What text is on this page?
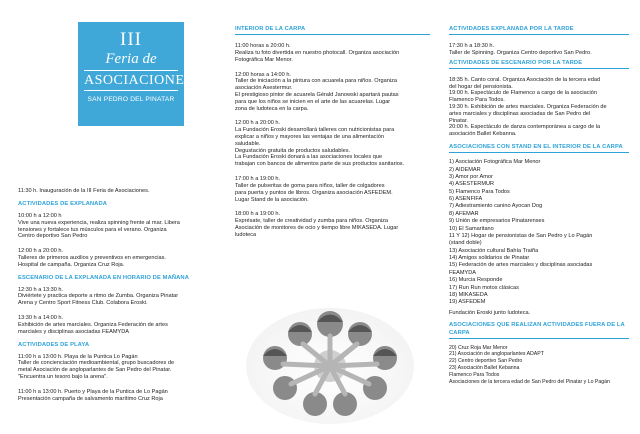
III
Feria de
ASOCIACIONES
SAN PEDRO DEL PINATAR

11:30 h. Inauguración de la III Feria de Asociaciones.

ACTIVIDADES DE EXPLANADA

10:00 h a 12:00 h
Vive una nueva experiencia, realiza spinning frente al mar. Libera
tensiones y fortalece tus músculos para el verano. Organiza
Centro deportivo San Pedro

12:00 h a 20:00 h.
Talleres de primeros auxilios y preventivos en emergencias.
Hospital de campaña. Organiza Cruz Roja.

ESCENARIO DE LA EXPLANADA EN HORARIO DE MAÑANA

12:30 h a 13:30 h.
Diviértete y practica deporte a ritmo de Zumba. Organiza Pinatar
Arena y Centro Sport Fitness Club. Colabora Eroski.

13:30 h a 14:00 h.
Exhibición de artes marciales. Organiza Federación de artes
marciales y disciplinas asociadas FEAMYDA

ACTIVIDADES DE PLAYA

11:00 h a 13:00 h. Playa de la Puntica Lo Pagán
Taller de concienciación medioambiental, grupo buscadores de
metal Asociación de angloparlantes de San Pedro del Pinatar.
"Encuentra un tesoro bajo la arena".

11:00 h a 13:00 h. Puerto y Playa de la Puntica de Lo Pagán
Presentación campaña de salvamento marítimo Cruz Roja

INTERIOR DE LA CARPA

11:00 horas a 20:00 h.
Realiza tu foto divertida en nuestro photocall. Organiza asociación
Fotográfica Mar Menor.

12:00 horas a 14:00 h.
Taller de iniciación a la pintura con acuarela para niños. Organiza
asociación Asestermur.
El prestigioso pintor de acuarela Gérald Janowski apartará pautas
para que los niños se inicien en el arte de las acuarelas. Lugar
zona de ludoteca en la carpa.

12:00 h a 20:00 h.
La Fundación Eroski desarrollará talleres con nutricionistas para
explicar a niños y mayores las ventajas de una alimentación
saludable.
Degustación gratuita de productos saludables.
La Fundación Eroski donará a las asociaciones locales que
trabajan con bancos de alimentos parte de sus productos sanitarios.

17:00 h a 19:00 h.
Taller de pulseritas de goma para niños, taller de colgadores
para puerta y puntos de libros. Organiza asociación ASFEDEM.
Lugar Stand de la asociación.

18:00 h a 19:00 h.
Exprésate, taller de creatividad y zumba para niños. Organiza
Asociación de monitores de ocio y tiempo libre MIKASEDA. Lugar
ludoteca

ACTIVIDADES EXPLANADA POR LA TARDE

17:30 h a 18:30 h.
Taller de Spinning. Organiza Centro deportivo San Pedro.

ACTIVIDADES DE ESCENARIO POR LA TARDE

18:35 h. Canto coral. Organiza Asociación de la tercera edad
del hogar del pensionista.
19:00 h. Espectáculo de Flamenco a cargo de la asociación
Flamenco Para Todos.
19:30 h. Exhibición de artes marciales. Organiza Federación de
artes marciales y disciplinas asociadas de San Pedro del
Pinatar.
20:00 h. Espectáculo de danza contemporánea a cargo de la
asociación Ballet Kebanna.

ASOCIACIONES CON STAND EN EL INTERIOR DE LA CARPA
1) Asociación Fotográfica Mar Menor
2) AIDEMAR
3) Amor por Amor
4) ASESTERMUR
5) Flamenco Para Todos
6) ASENFIFA
7) Adiestramiento canino Ayocan Dog
8) AFEMAR
9) Unión de empresarios Pinatarenses
10) El Samaritano
11 Y 12) Hogar de pensionistas de San Pedro y Lo Pagán
(stand doble)
13) Asociación cultural Bahía Traiña
14) Amigos solidarios de Pinatar
15) Federación de artes marciales y disciplinas asociadas
FEAMYDA
16) Murcia Responde
17) Run Run motos clásicas
18) MIKASEDA
19) ASFEDEM

Fundación Eroski junto ludoteca.

ASOCIACIONES QUE REALIZAN ACTIVIDADES FUERA DE LA CARPA
20) Cruz Roja Mar Menor
21) Asociación de angloparlantes ADAPT
22) Centro deportivo San Pedro
23) Asociación Ballet Kebanna
Flamenco Para Todos
Asociaciones de la tercera edad de San Pedro del Pinatar y Lo Pagán
